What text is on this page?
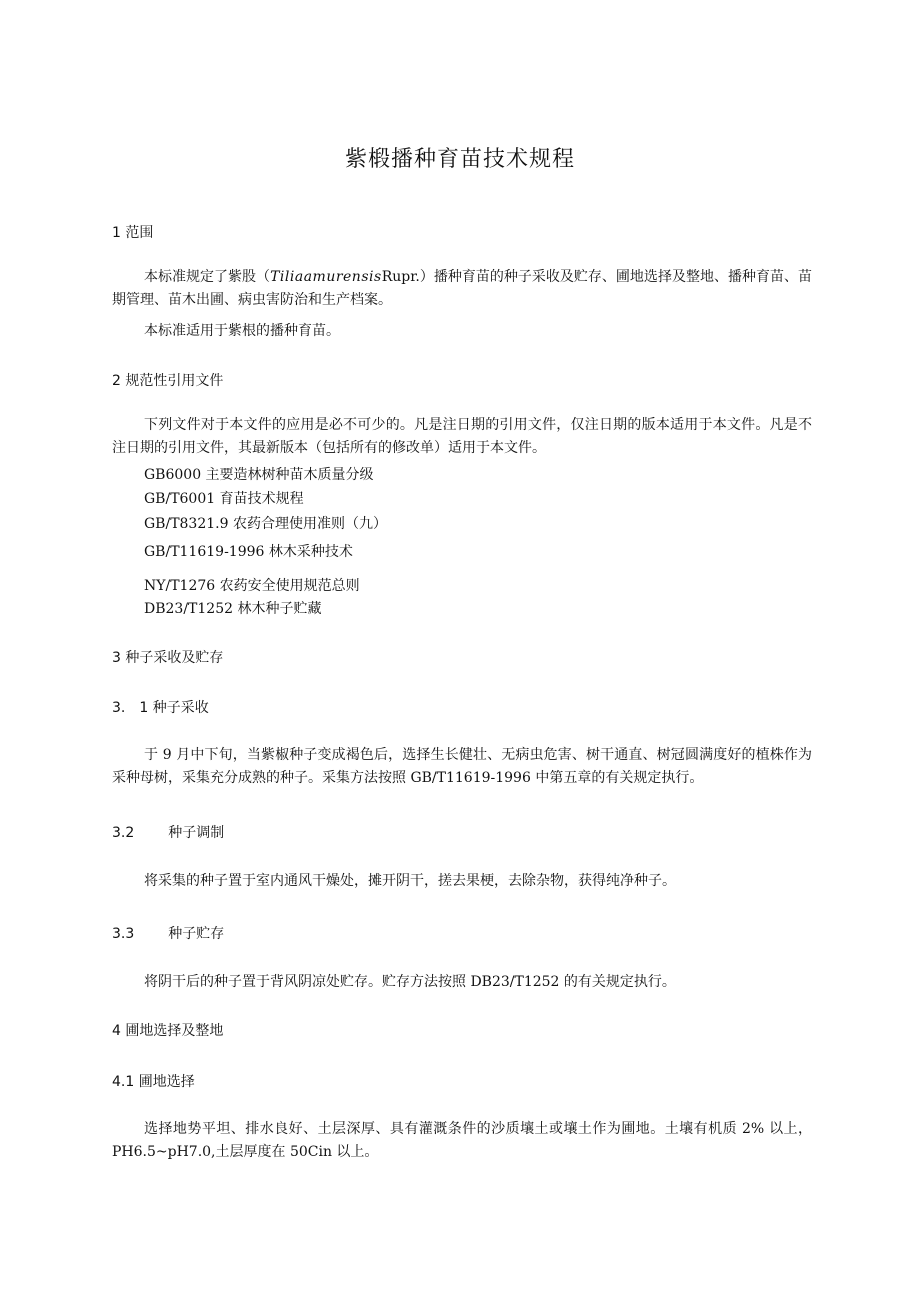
紫椴播种育苗技术规程
1 范围
本标准规定了紫股（TiliaamurensisRupr.）播种育苗的种子采收及贮存、圃地选择及整地、播种育苗、苗期管理、苗木出圃、病虫害防治和生产档案。
本标准适用于紫根的播种育苗。
2 规范性引用文件
下列文件对于本文件的应用是必不可少的。凡是注日期的引用文件，仅注日期的版本适用于本文件。凡是不注日期的引用文件，其最新版本（包括所有的修改单）适用于本文件。
GB6000 主要造林树种苗木质量分级
GB/T6001 育苗技术规程
GB/T8321.9 农药合理使用准则（九）
GB/T11619-1996 林木采种技术
NY/T1276 农药安全使用规范总则
DB23/T1252 林木种子贮藏
3 种子采收及贮存
3. 1 种子采收
于 9 月中下旬，当紫椒种子变成褐色后，选择生长健壮、无病虫危害、树干通直、树冠圆满度好的植株作为采种母树，采集充分成熟的种子。采集方法按照 GB/T11619-1996 中第五章的有关规定执行。
3.2 种子调制
将采集的种子置于室内通风干燥处，摊开阴干，搓去果梗，去除杂物，获得纯净种子。
3.3 种子贮存
将阴干后的种子置于背风阴凉处贮存。贮存方法按照 DB23/T1252 的有关规定执行。
4 圃地选择及整地
4.1 圃地选择
选择地势平坦、排水良好、土层深厚、具有灌溉条件的沙质壤土或壤土作为圃地。土壤有机质 2% 以上，PH6.5~pH7.0,土层厚度在 50Cin 以上。
